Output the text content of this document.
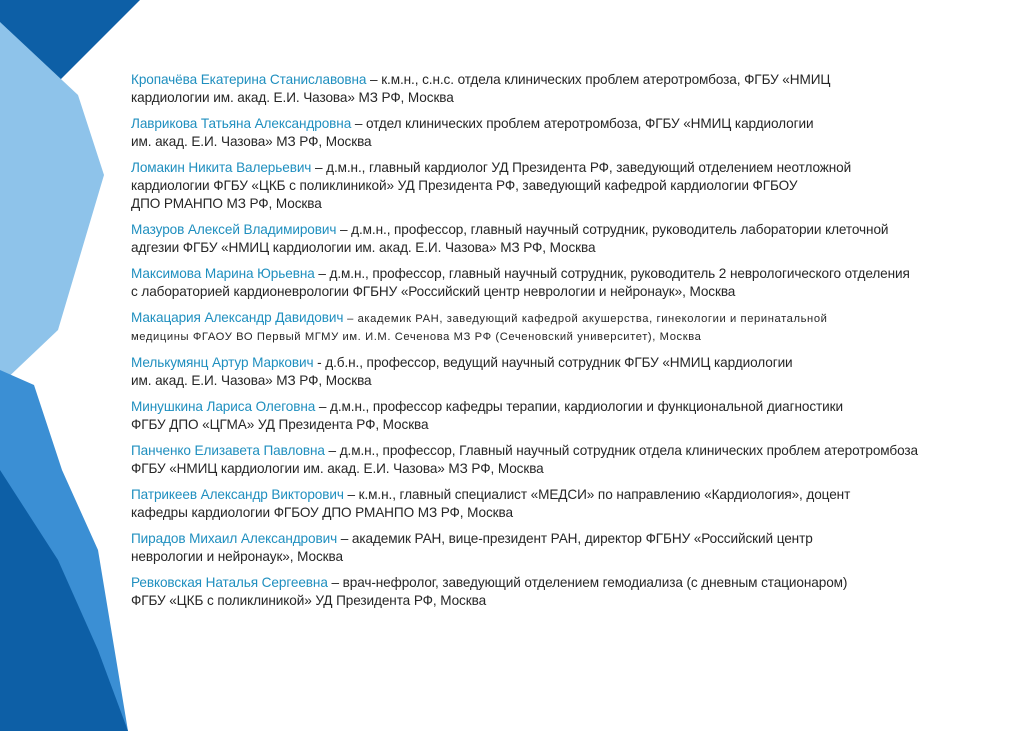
Кропачёва Екатерина Станиславовна – к.м.н., с.н.с. отдела клинических проблем атеротромбоза, ФГБУ «НМИЦ
кардиологии им. акад. Е.И. Чазова» МЗ РФ, Москва

Лаврикова Татьяна Александровна – отдел клинических проблем атеротромбоза, ФГБУ «НМИЦ кардиологии
им. акад. Е.И. Чазова» МЗ РФ, Москва

Ломакин Никита Валерьевич – д.м.н., главный кардиолог УД Президента РФ, заведующий отделением неотложной
кардиологии ФГБУ «ЦКБ с поликлиникой» УД Президента РФ, заведующий кафедрой кардиологии ФГБОУ
ДПО РМАНПО МЗ РФ, Москва

Мазуров Алексей Владимирович – д.м.н., профессор, главный научный сотрудник, руководитель лаборатории клеточной
адгезии ФГБУ «НМИЦ кардиологии им. акад. Е.И. Чазова» МЗ РФ, Москва

Максимова Марина Юрьевна – д.м.н., профессор, главный научный сотрудник, руководитель 2 неврологического отделения
с лабораторией кардионеврологии ФГБНУ «Российский центр неврологии и нейронаук», Москва

Макацария Александр Давидович – академик РАН, заведующий кафедрой акушерства, гинекологии и перинатальной
медицины ФГАОУ ВО Первый МГМУ им. И.М. Сеченова МЗ РФ (Сеченовский университет), Москва

Мелькумянц Артур Маркович - д.б.н., профессор, ведущий научный сотрудник ФГБУ «НМИЦ кардиологии
им. акад. Е.И. Чазова» МЗ РФ, Москва

Минушкина Лариса Олеговна – д.м.н., профессор кафедры терапии, кардиологии и функциональной диагностики
ФГБУ ДПО «ЦГМА» УД Президента РФ, Москва

Панченко Елизавета Павловна – д.м.н., профессор, Главный научный сотрудник отдела клинических проблем атеротромбоза
ФГБУ «НМИЦ кардиологии им. акад. Е.И. Чазова» МЗ РФ, Москва

Патрикеев Александр Викторович – к.м.н., главный специалист «МЕДСИ» по направлению «Кардиология», доцент
кафедры кардиологии ФГБОУ ДПО РМАНПО МЗ РФ, Москва

Пирадов Михаил Александрович – академик РАН, вице-президент РАН, директор ФГБНУ «Российский центр
неврологии и нейронаук», Москва

Ревковская Наталья Сергеевна – врач-нефролог, заведующий отделением гемодиализа (с дневным стационаром)
ФГБУ «ЦКБ с поликлиникой» УД Президента РФ, Москва
